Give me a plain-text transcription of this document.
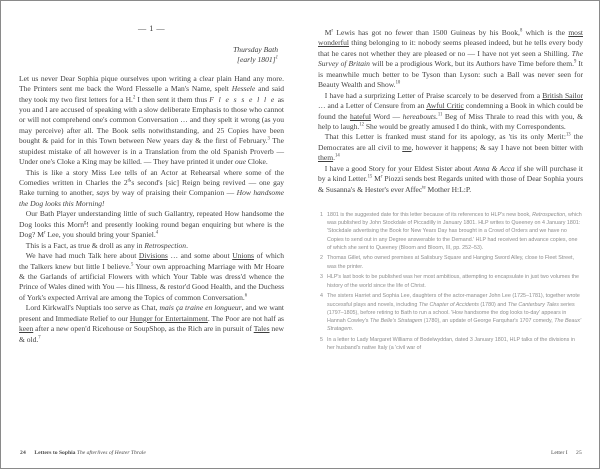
— 1 —
Thursday Bath
[early 1801]$^1$

Let us never Dear Sophia pique ourselves upon writing a clear plain Hand any more. The Printers sent me back the Word Flesselle a Man's Name, spelt Hessele and said they took my two first letters for a H.$^2$ I then sent it them thus F l e s s e l l e as you and I are accused of speaking with a slow deliberate Emphasis to those who cannot or will not comprehend one's common Conversation … and they spelt it wrong (as you may perceive) after all. The Book sells notwithstanding, and 25 Copies have been bought & paid for in this Town between New years day & the first of February.$^3$ The stupidest mistake of all however is in a Translation from the old Spanish Proverb — Under one's Cloke a King may be killed. — They have printed it under oue Cloke.

This is like a story Miss Lee tells of an Actor at Rehearsal where some of the Comedies written in Charles the 2$^d$'s second's [sic] Reign being revived — one gay Rake turning to another, says by way of praising their Companion — How handsome the Dog looks this Morning!

Our Bath Player understanding little of such Gallantry, repeated How handsome the Dog looks this Morn$^g$! and presently looking round began enquiring but where is the Dog? $M^r$ Lee, you should bring your Spaniel.$^4$

This is a Fact, as true & droll as any in Retrospection.

We have had much Talk here about Divisions … and some about Unions of which the Talkers knew but little I believe.$^5$ Your own approaching Marriage with Mr Hoare & the Garlands of artificial Flowers with which Your Table was dress'd whence the Prince of Wales dined with You — his Illness, & restor'd Good Health, and the Duchess of York's expected Arrival are among the Topics of common Conversation.$^6$

Lord Kirkwall's Nuptials too serve as Chat, mais ça traine en longueur, and we want present and Immediate Relief to our Hunger for Entertainment. The Poor are not half as keen after a new open'd Ricehouse or SoupShop, as the Rich are in pursuit of Tales new & old.$^7$

24 Letters to Sophia The afterlives of Hester Thrale

$M^r$ Lewis has got no fewer than 1500 Guineas by his Book,$^8$ which is the most wonderful thing belonging to it: nobody seems pleased indeed, but he tells every body that he cares not whether they are pleased or no — I have not yet seen a Shilling. The Survey of Britain will be a prodigious Work, but its Authors have Time before them.$^9$ It is meanwhile much better to be Tyson than Lyson: such a Ball was never seen for Beauty Wealth and Show.$^{10}$

I have had a surprizing Letter of Praise scarcely to be deserved from a British Sailor … and a Letter of Censure from an Awful Critic condemning a Book in which could be found the hateful Word — hereabouts.$^{11}$ Beg of Miss Thrale to read this with you, & help to laugh.$^{12}$ She would be greatly amused I do think, with my Correspondents.

That this Letter is franked must stand for its apology, as 'tis its only Merit:$^{13}$ the Democrates are all civil to me, however it happens; & say I have not been bitter with them.$^{14}$

I have a good Story for your Eldest Sister about Anna & Acca if she will purchase it by a kind Letter.$^{15}$ $M^r$ Piozzi sends best Regards united with those of Dear Sophia yours & Susanna's & Hester's ever Affec$^{te}$ Mother H:L:P.

1 1801 is the suggested date for this letter because of its references to HLP's new book, Retrospection, which was published by John Stockdale of Piccadilly in January 1801. HLP writes to Queeney on 4 January 1801: 'Stockdale advertising the Book for New Years Day has brought in a Crowd of Orders and we have no Copies to send out in any Degree answerable to the Demand.' HLP had received ten advance copies, one of which she sent to Queeney (Bloom and Bloom, III, pp. 252–53).
2 Thomas Gillet, who owned premises at Salisbury Square and Hanging Sword Alley, close to Fleet Street, was the printer.
3 HLP's last book to be published was her most ambitious, attempting to encapsulate in just two volumes the history of the world since the life of Christ.
4 The sisters Harriet and Sophia Lee, daughters of the actor-manager John Lee (1725–1781), together wrote successful plays and novels, including The Chapter of Accidents (1780) and The Canterbury Tales series (1797–1805), before retiring to Bath to run a school. 'How handsome the dog looks to-day' appears in Hannah Cowley's The Belle's Stratagem (1780), an update of George Farquhar's 1707 comedy, The Beaux' Stratagem.
5 In a letter to Lady Margaret Williams of Bodelwyddan, dated 3 January 1801, HLP talks of the divisions in her husband's native Italy (a 'civil war of
Letter I 25
